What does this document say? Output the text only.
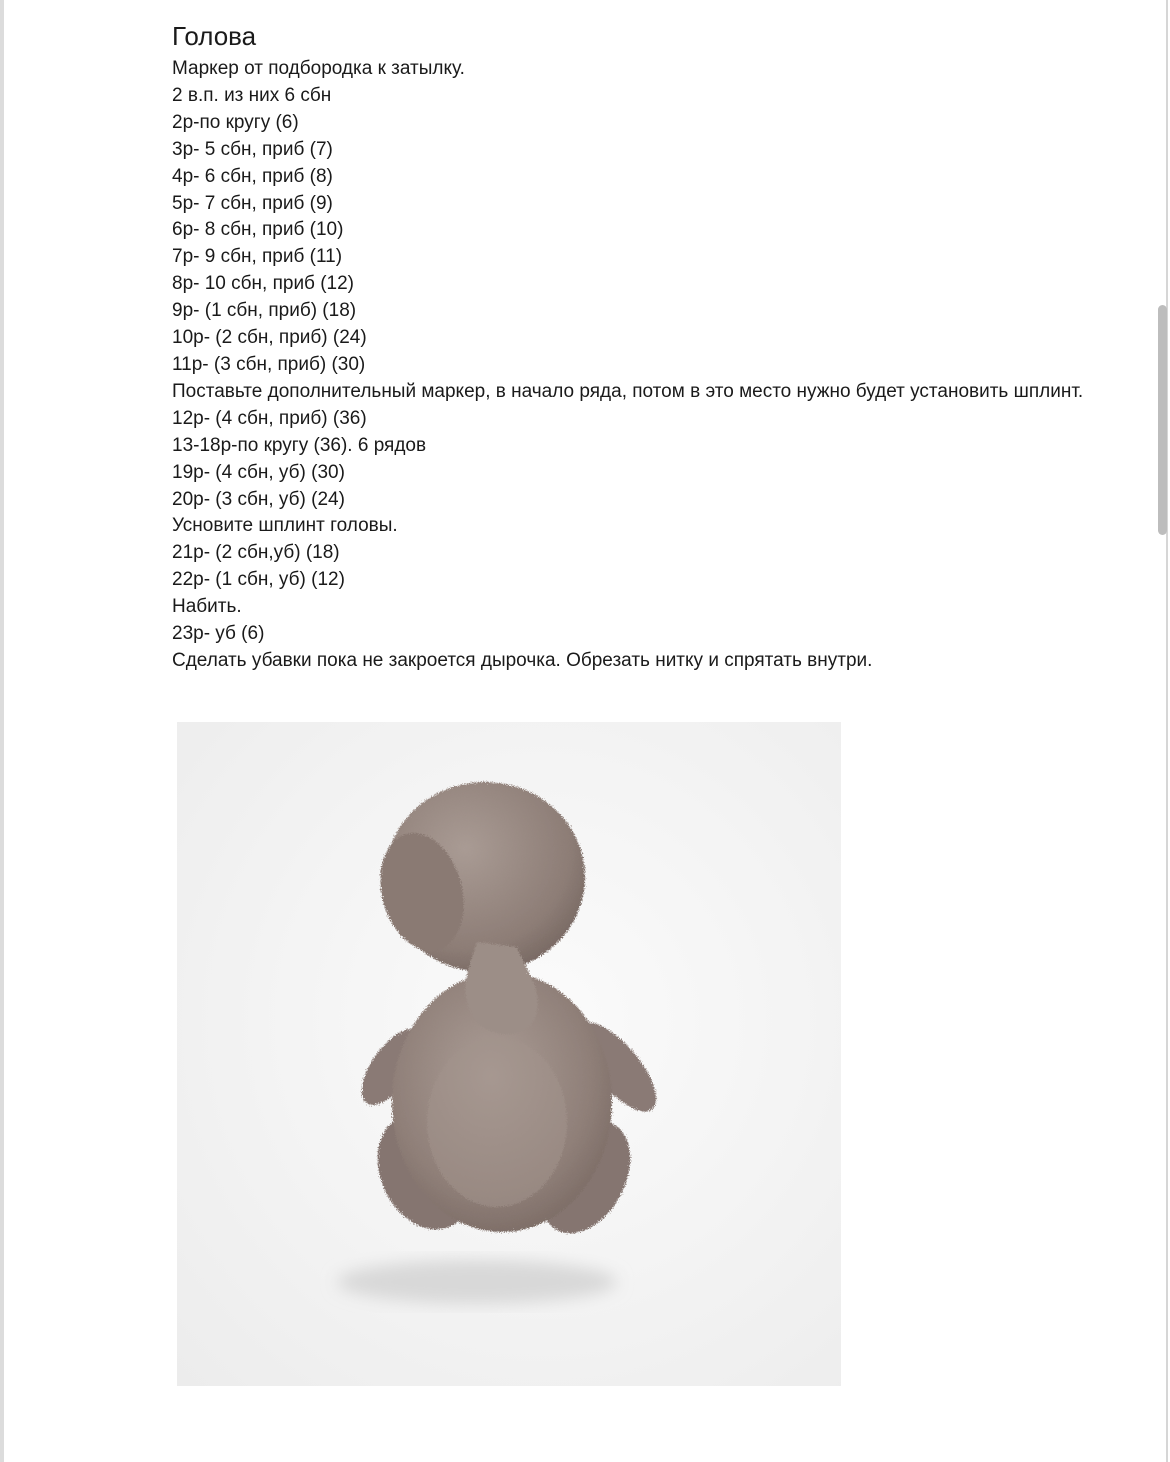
Голова
Маркер от подбородка к затылку.
2 в.п. из них 6 сбн
2р-по кругу (6)
3р- 5 сбн, приб (7)
4р- 6 сбн, приб (8)
5р- 7 сбн, приб (9)
6р- 8 сбн, приб (10)
7р- 9 сбн, приб (11)
8р- 10 сбн, приб (12)
9р- (1 сбн, приб) (18)
10р- (2 сбн, приб) (24)
11р- (3 сбн, приб) (30)
Поставьте дополнительный маркер, в начало ряда, потом в это место нужно будет установить шплинт.
12р- (4 сбн, приб) (36)
13-18р-по кругу (36). 6 рядов
19р- (4 сбн, уб) (30)
20р- (3 сбн, уб) (24)
Усновите шплинт головы.
21р- (2 сбн,уб) (18)
22р- (1 сбн, уб) (12)
Набить.
23р- уб (6)
Сделать убавки пока не закроется дырочка. Обрезать нитку и спрятать внутри.
